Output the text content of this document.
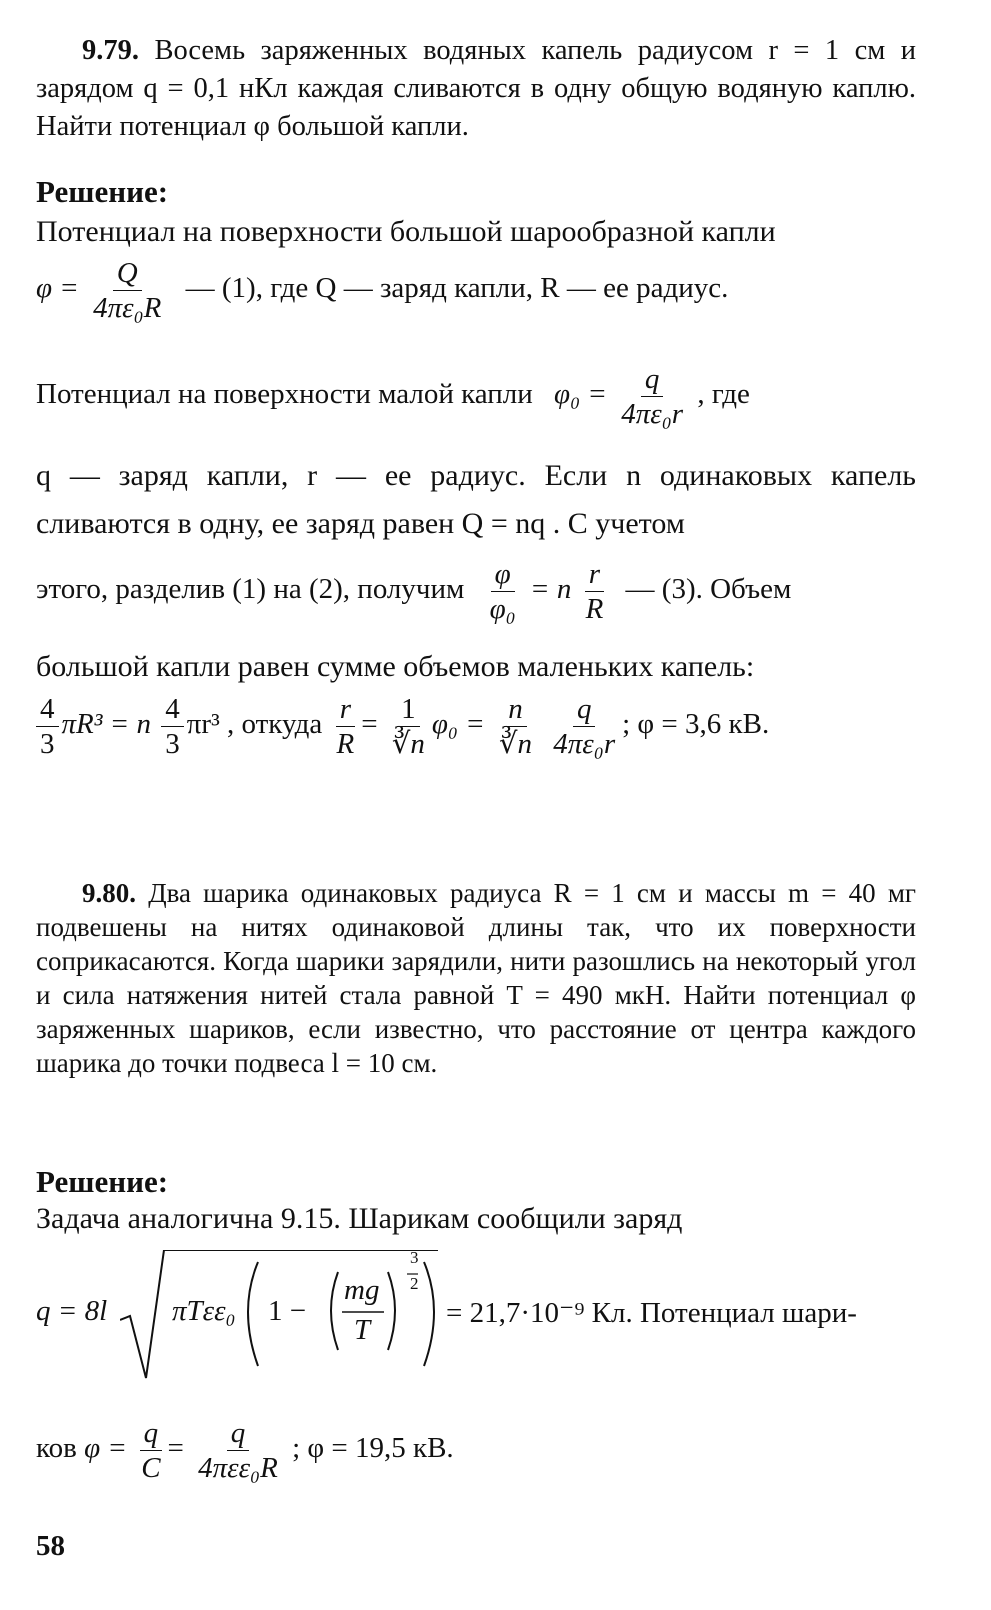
9.79. Восемь заряженных водяных капель радиусом r = 1 см и зарядом q = 0,1 нКл каждая сливаются в одну общую водяную каплю. Найти потенциал φ большой капли.
Решение:
Потенциал на поверхности большой шарообразной капли
$\varphi = \frac{Q}{\text{4πε₀R}}$ — (1), где Q — заряд капли, R — ее радиус.
Потенциал на поверхности малой капли $\varphi_0 = \frac{q}{\text{4πε₀r}}$ , где
q — заряд капли, r — ее радиус. Если n одинаковых капель сливаются в одну, ее заряд равен Q = nq . С учетом
этого, разделив (1) на (2), получим $\frac{\varphi}{\text{φ₀}} = n \frac{r}{R}$ — (3). Объем
большой капли равен сумме объемов маленьких капель:
$\frac{4}{3} \pi R^3 = n \frac{4}{3} \pi r^3$ , откуда $\frac{r}{R} = \frac{1}{∛n} \varphi_0 = \frac{n}{∛n}$
$\frac{q}{\text{4πε₀r}}$ ; φ = 3,6 кВ.
9.80. Два шарика одинаковых радиуса R = 1 см и массы m = 40 мг подвешены на нитях одинаковой длины так, что их поверхности соприкасаются. Когда шарики зарядили, нити разошлись на некоторый угол и сила натяжения нитей стала равной T = 490 мкН. Найти потенциал φ заряженных шариков, если известно, что расстояние от центра каждого шарика до точки подвеса l = 10 см.
Решение:
Задача аналогична 9.15. Шарикам сообщили заряд
q = 8l πTεε₀ 1 −
mg
T
3
2
= 21,7·10⁻⁹ Кл. Потенциал шари-
ков $\varphi = \frac{q}{C} = \frac{q}{\text{4πεε₀R}}$ ; φ = 19,5 кВ.
58
